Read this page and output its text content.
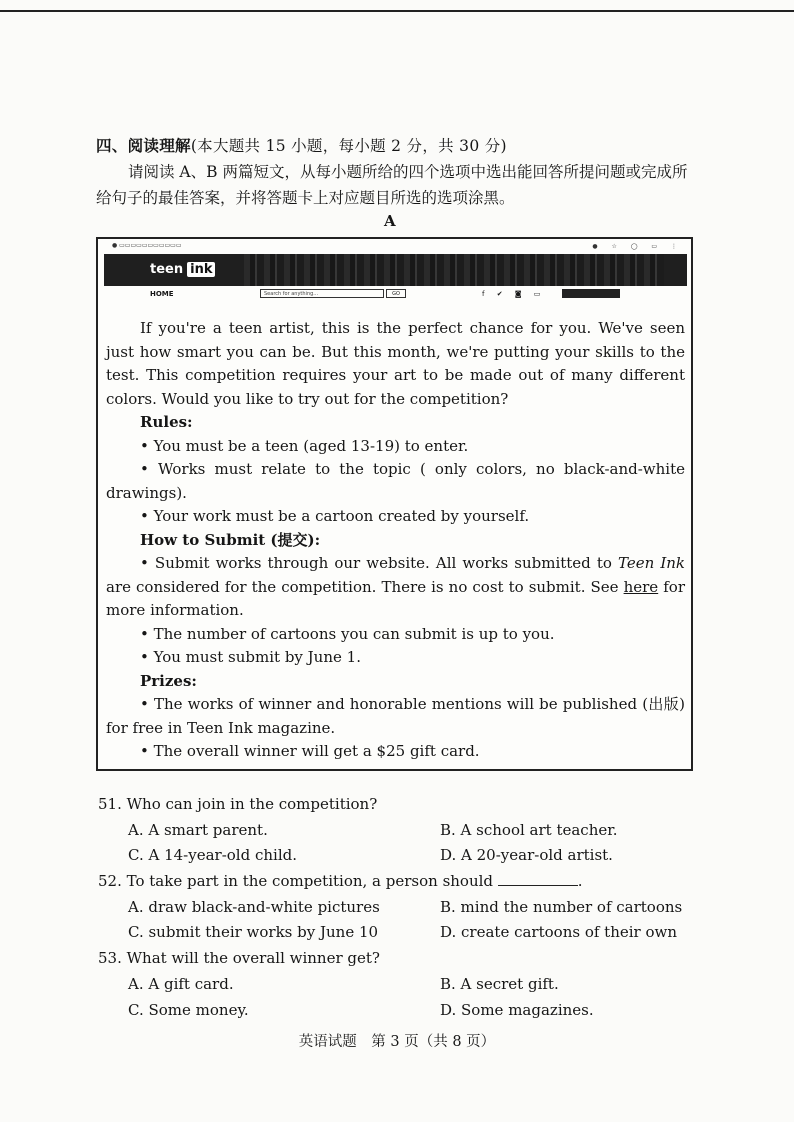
四、阅读理解(本大题共 15 小题，每小题 2 分，共 30 分)
请阅读 A、B 两篇短文，从每小题所给的四个选项中选出能回答所提问题或完成所给句子的最佳答案，并将答题卡上对应题目所选的选项涂黑。
A
● ▭▭▭▭▭▭▭▭▭▭▭	● ☆ ◯ ▭ ⋮
teen ink
HOME	Search for anything...	GO	f ✔ ◙ ▭

If you're a teen artist, this is the perfect chance for you. We've seen just how smart you can be. But this month, we're putting your skills to the test. This competition requires your art to be made out of many different colors. Would you like to try out for the competition?

Rules:

• You must be a teen (aged 13-19) to enter.

• Works must relate to the topic ( only colors, no black-and-white drawings).

• Your work must be a cartoon created by yourself.

How to Submit (提交):

• Submit works through our website. All works submitted to Teen Ink are considered for the competition. There is no cost to submit. See here for more information.

• The number of cartoons you can submit is up to you.

• You must submit by June 1.

Prizes:

• The works of winner and honorable mentions will be published (出版) for free in Teen Ink magazine.

• The overall winner will get a $25 gift card.

51. Who can join in the competition?
A. A smart parent.	B. A school art teacher.
C. A 14-year-old child.	D. A 20-year-old artist.
52. To take part in the competition, a person should	.
A. draw black-and-white pictures	B. mind the number of cartoons
C. submit their works by June 10	D. create cartoons of their own
53. What will the overall winner get?
A. A gift card.	B. A secret gift.
C. Some money.	D. Some magazines.
英语试题　第 3 页（共 8 页）
